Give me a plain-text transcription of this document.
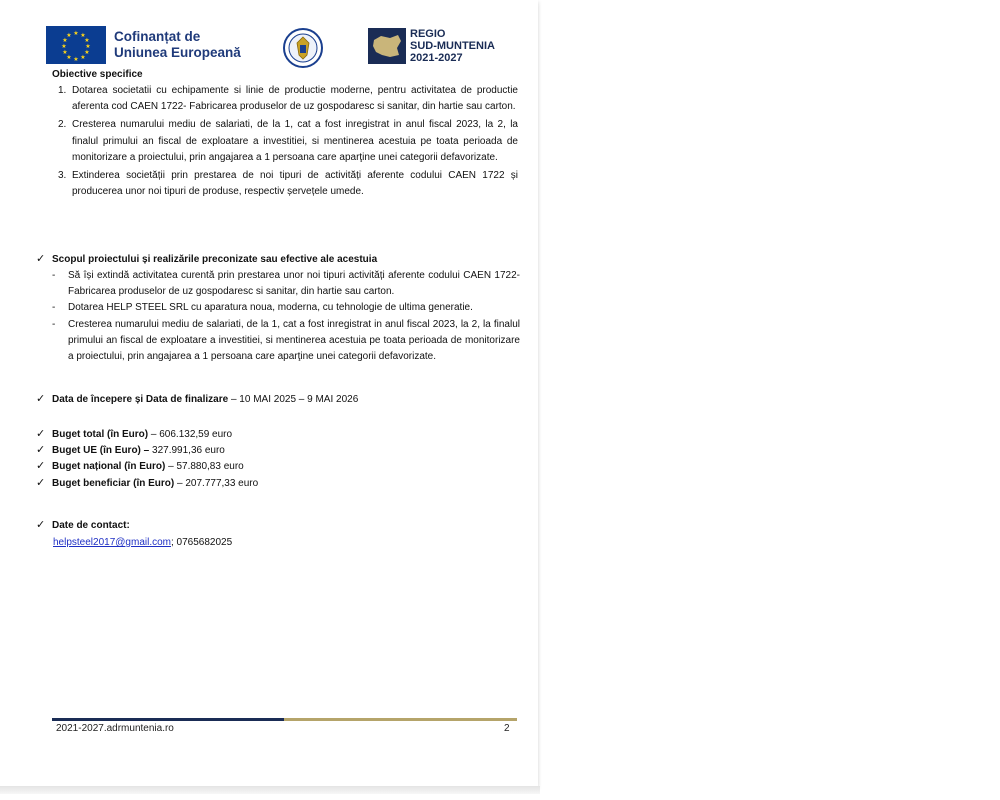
★ ★
★
★
★
★
★
★
★
★
★
★	Cofinanțat de
Uniunea Europeană
REGIO
SUD-MUNTENIA
2021-2027
Obiective specifice
1. Dotarea societatii cu echipamente si linie de productie moderne, pentru activitatea de productie aferenta cod CAEN 1722- Fabricarea produselor de uz gospodaresc si sanitar, din hartie sau carton.
2. Cresterea numarului mediu de salariati, de la 1, cat a fost inregistrat in anul fiscal 2023, la 2, la finalul primului an fiscal de exploatare a investitiei, si mentinerea acestuia pe toata perioada de monitorizare a proiectului, prin angajarea a 1 persoana care aparţine unei categorii defavorizate.
3. Extinderea societății prin prestarea de noi tipuri de activități aferente codului CAEN 1722 și producerea unor noi tipuri de produse, respectiv șervețele umede.
✓ Scopul proiectului și realizările preconizate sau efective ale acestuia
- Să își extindă activitatea curentă prin prestarea unor noi tipuri activități aferente codului CAEN 1722- Fabricarea produselor de uz gospodaresc si sanitar, din hartie sau carton.
- Dotarea HELP STEEL SRL cu aparatura noua, moderna, cu tehnologie de ultima generatie.
- Cresterea numarului mediu de salariati, de la 1, cat a fost inregistrat in anul fiscal 2023, la 2, la finalul primului an fiscal de exploatare a investitiei, si mentinerea acestuia pe toata perioada de monitorizare a proiectului, prin angajarea a 1 persoana care aparţine unei categorii defavorizate.
✓ Data de începere și Data de finalizare – 10 MAI 2025 – 9 MAI 2026
✓ Buget total (în Euro) – 606.132,59 euro
✓ Buget UE (în Euro) – 327.991,36 euro
✓ Buget național (în Euro) – 57.880,83 euro
✓ Buget beneficiar (în Euro) – 207.777,33 euro
✓ Date de contact:
helpsteel2017@gmail.com; 0765682025
2021-2027.adrmuntenia.ro	2
